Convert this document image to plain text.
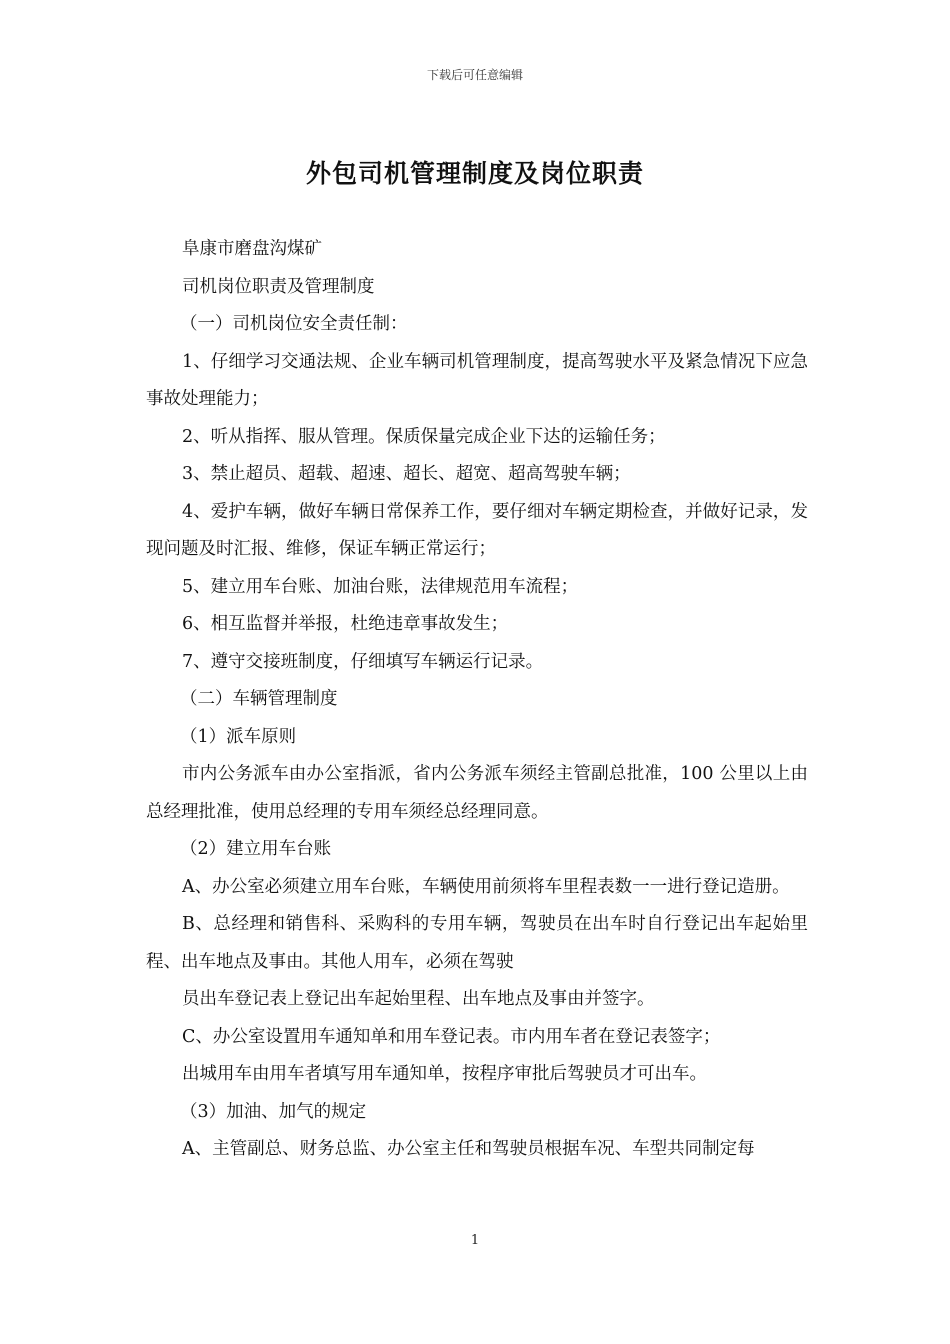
下载后可任意编辑
外包司机管理制度及岗位职责

阜康市磨盘沟煤矿

司机岗位职责及管理制度

（一）司机岗位安全责任制：

1、仔细学习交通法规、企业车辆司机管理制度，提高驾驶水平及紧急情况下应急事故处理能力；

2、听从指挥、服从管理。保质保量完成企业下达的运输任务；

3、禁止超员、超载、超速、超长、超宽、超高驾驶车辆；

4、爱护车辆，做好车辆日常保养工作，要仔细对车辆定期检查，并做好记录，发现问题及时汇报、维修，保证车辆正常运行；

5、建立用车台账、加油台账，法律规范用车流程；

6、相互监督并举报，杜绝违章事故发生；

7、遵守交接班制度，仔细填写车辆运行记录。

（二）车辆管理制度

（1）派车原则

市内公务派车由办公室指派，省内公务派车须经主管副总批准，100 公里以上由总经理批准，使用总经理的专用车须经总经理同意。

（2）建立用车台账

A、办公室必须建立用车台账，车辆使用前须将车里程表数一一进行登记造册。

B、总经理和销售科、采购科的专用车辆，驾驶员在出车时自行登记出车起始里程、出车地点及事由。其他人用车，必须在驾驶

员出车登记表上登记出车起始里程、出车地点及事由并签字。

C、办公室设置用车通知单和用车登记表。市内用车者在登记表签字；

出城用车由用车者填写用车通知单，按程序审批后驾驶员才可出车。

（3）加油、加气的规定

A、主管副总、财务总监、办公室主任和驾驶员根据车况、车型共同制定每

1
